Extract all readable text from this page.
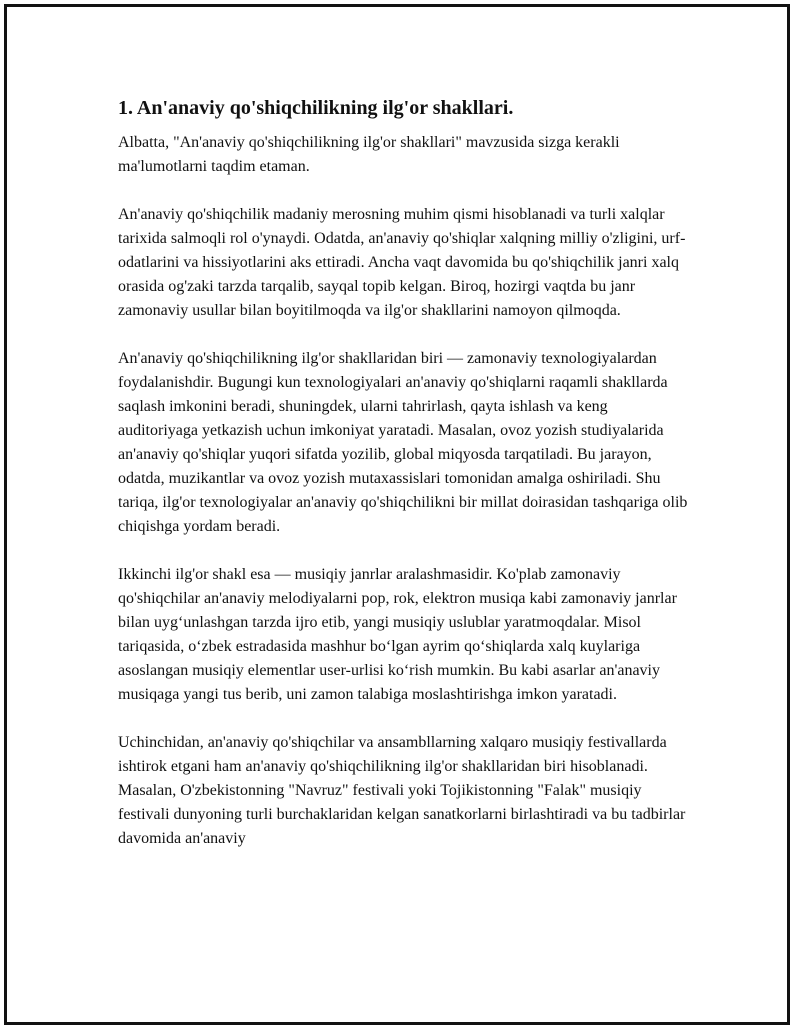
1. An'anaviy qo'shiqchilikning ilg'or shakllari.

Albatta, "An'anaviy qo'shiqchilikning ilg'or shakllari" mavzusida sizga kerakli ma'lumotlarni taqdim etaman.

An'anaviy qo'shiqchilik madaniy merosning muhim qismi hisoblanadi va turli xalqlar tarixida salmoqli rol o'ynaydi. Odatda, an'anaviy qo'shiqlar xalqning milliy o'zligini, urf-odatlarini va hissiyotlarini aks ettiradi. Ancha vaqt davomida bu qo'shiqchilik janri xalq orasida og'zaki tarzda tarqalib, sayqal topib kelgan. Biroq, hozirgi vaqtda bu janr zamonaviy usullar bilan boyitilmoqda va ilg'or shakllarini namoyon qilmoqda.

An'anaviy qo'shiqchilikning ilg'or shakllaridan biri — zamonaviy texnologiyalardan foydalanishdir. Bugungi kun texnologiyalari an'anaviy qo'shiqlarni raqamli shakllarda saqlash imkonini beradi, shuningdek, ularni tahrirlash, qayta ishlash va keng auditoriyaga yetkazish uchun imkoniyat yaratadi. Masalan, ovoz yozish studiyalarida an'anaviy qo'shiqlar yuqori sifatda yozilib, global miqyosda tarqatiladi. Bu jarayon, odatda, muzikantlar va ovoz yozish mutaxassislari tomonidan amalga oshiriladi. Shu tariqa, ilg'or texnologiyalar an'anaviy qo'shiqchilikni bir millat doirasidan tashqariga olib chiqishga yordam beradi.

Ikkinchi ilg'or shakl esa — musiqiy janrlar aralashmasidir. Ko'plab zamonaviy qo'shiqchilar an'anaviy melodiyalarni pop, rok, elektron musiqa kabi zamonaviy janrlar bilan uyg‘unlashgan tarzda ijro etib, yangi musiqiy uslublar yaratmoqdalar. Misol tariqasida, o‘zbek estradasida mashhur bo‘lgan ayrim qo‘shiqlarda xalq kuylariga asoslangan musiqiy elementlar user-urlisi ko‘rish mumkin. Bu kabi asarlar an'anaviy musiqaga yangi tus berib, uni zamon talabiga moslashtirishga imkon yaratadi.

Uchinchidan, an'anaviy qo'shiqchilar va ansambllarning xalqaro musiqiy festivallarda ishtirok etgani ham an'anaviy qo'shiqchilikning ilg'or shakllaridan biri hisoblanadi. Masalan, O'zbekistonning "Navruz" festivali yoki Tojikistonning "Falak" musiqiy festivali dunyoning turli burchaklaridan kelgan sanatkorlarni birlashtiradi va bu tadbirlar davomida an'anaviy
